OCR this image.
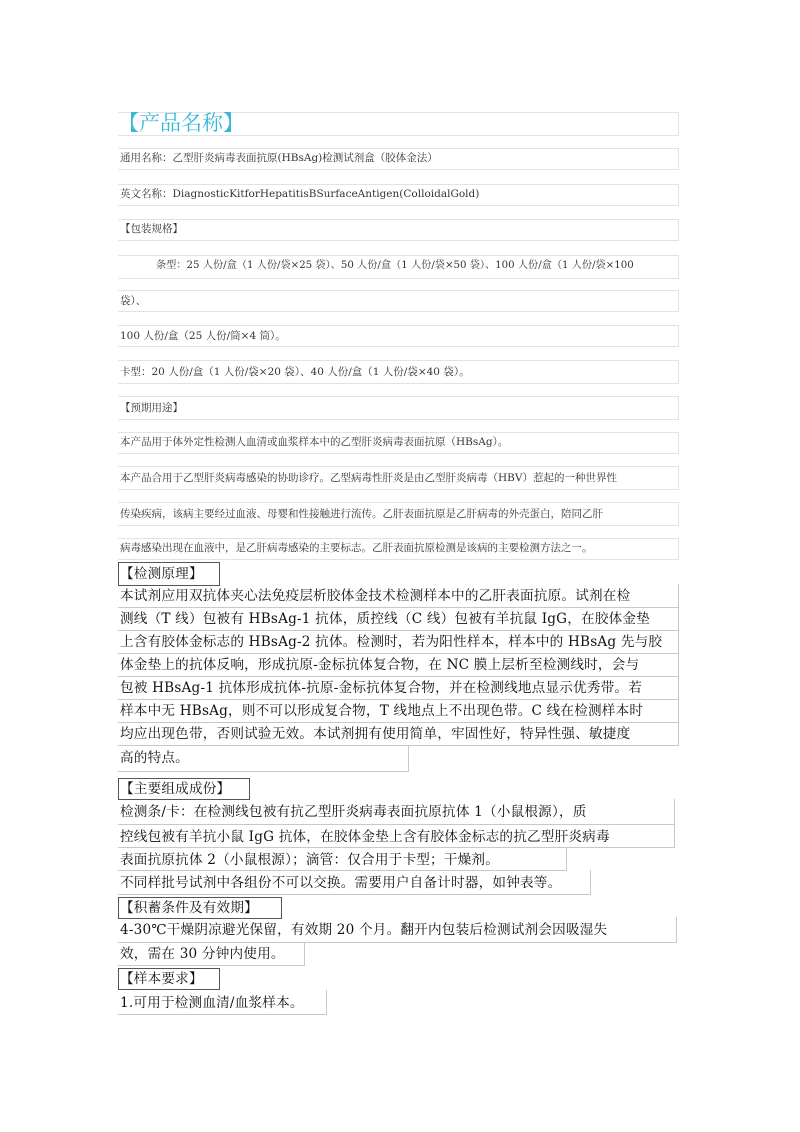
【产品名称】
通用名称：乙型肝炎病毒表面抗原(HBsAg)检测试剂盒（胶体金法）
英文名称：DiagnosticKitforHepatitisBSurfaceAntigen(ColloidalGold)
【包装规格】
条型：25 人份/盒（1 人份/袋×25 袋）、50 人份/盒（1 人份/袋×50 袋）、100 人份/盒（1 人份/袋×100
袋）、
100 人份/盒（25 人份/筒×4 筒）。
卡型：20 人份/盒（1 人份/袋×20 袋）、40 人份/盒（1 人份/袋×40 袋）。
【预期用途】
本产品用于体外定性检测人血清或血浆样本中的乙型肝炎病毒表面抗原（HBsAg）。
本产品合用于乙型肝炎病毒感染的协助诊疗。乙型病毒性肝炎是由乙型肝炎病毒（HBV）惹起的一种世界性
传染疾病，该病主要经过血液、母婴和性接触进行流传。乙肝表面抗原是乙肝病毒的外壳蛋白，陪同乙肝
病毒感染出现在血液中，是乙肝病毒感染的主要标志。乙肝表面抗原检测是该病的主要检测方法之一。
【检测原理】
本试剂应用双抗体夹心法免疫层析胶体金技术检测样本中的乙肝表面抗原。试剂在检
测线（T 线）包被有 HBsAg-1 抗体，质控线（C 线）包被有羊抗鼠 IgG，在胶体金垫
上含有胶体金标志的 HBsAg-2 抗体。检测时，若为阳性样本，样本中的 HBsAg 先与胶
体金垫上的抗体反响，形成抗原-金标抗体复合物，在 NC 膜上层析至检测线时，会与
包被 HBsAg-1 抗体形成抗体-抗原-金标抗体复合物，并在检测线地点显示优秀带。若
样本中无 HBsAg，则不可以形成复合物，T 线地点上不出现色带。C 线在检测样本时
均应出现色带，否则试验无效。本试剂拥有使用简单，牢固性好，特异性强、敏捷度
高的特点。
【主要组成成份】
检测条/卡：在检测线包被有抗乙型肝炎病毒表面抗原抗体 1（小鼠根源），质
控线包被有羊抗小鼠 IgG 抗体，在胶体金垫上含有胶体金标志的抗乙型肝炎病毒
表面抗原抗体 2（小鼠根源）；滴管：仅合用于卡型；干燥剂。
不同样批号试剂中各组份不可以交换。需要用户自备计时器，如钟表等。
【积蓄条件及有效期】
4-30℃干燥阴凉避光保留，有效期 20 个月。翻开内包装后检测试剂会因吸湿失
效，需在 30 分钟内使用。
【样本要求】
1.可用于检测血清/血浆样本。
